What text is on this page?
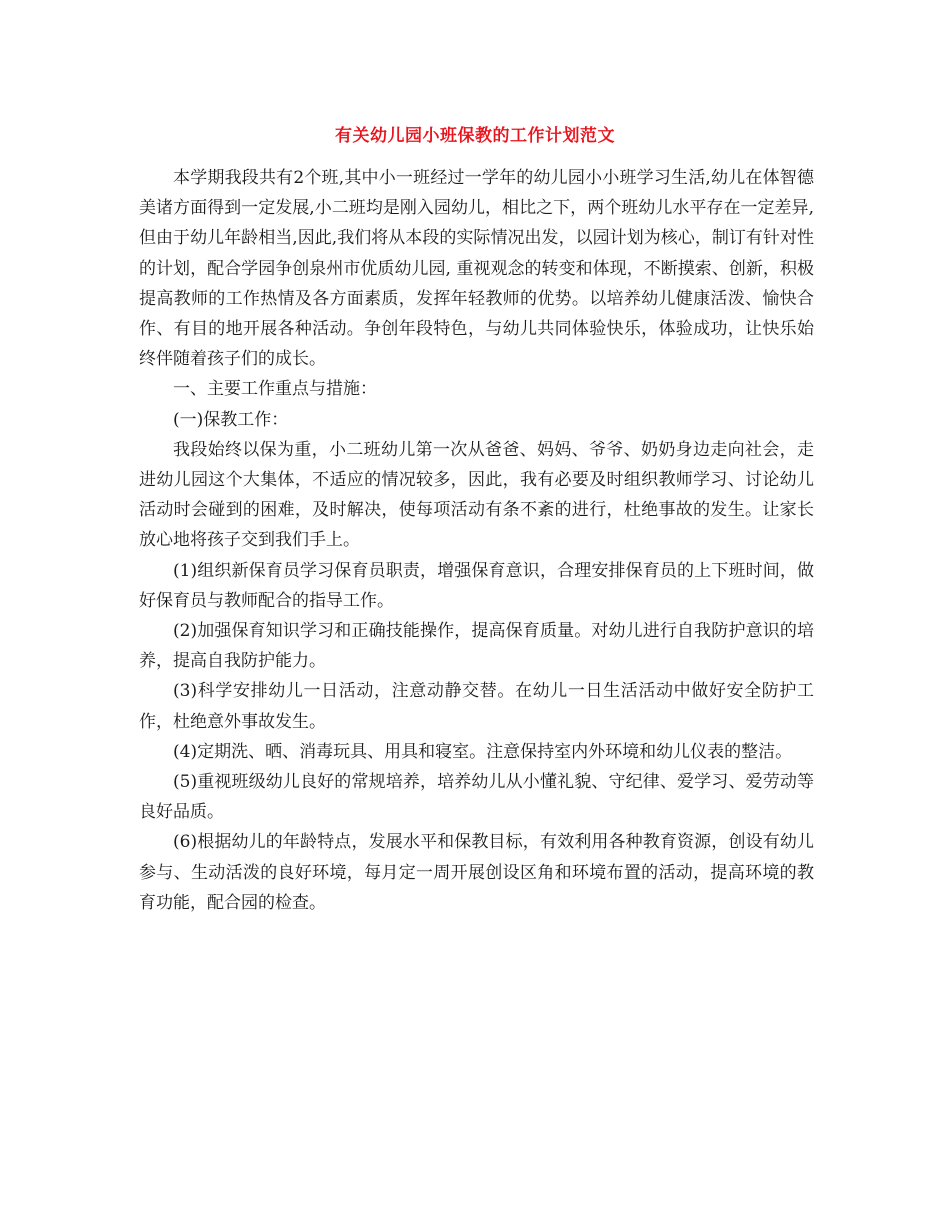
有关幼儿园小班保教的工作计划范文

本学期我段共有2个班,其中小一班经过一学年的幼儿园小小班学习生活,幼儿在体智德美诸方面得到一定发展,小二班均是刚入园幼儿，相比之下，两个班幼儿水平存在一定差异,但由于幼儿年龄相当,因此,我们将从本段的实际情况出发，以园计划为核心，制订有针对性的计划，配合学园争创泉州市优质幼儿园, 重视观念的转变和体现，不断摸索、创新，积极提高教师的工作热情及各方面素质，发挥年轻教师的优势。以培养幼儿健康活泼、愉快合作、有目的地开展各种活动。争创年段特色，与幼儿共同体验快乐，体验成功，让快乐始终伴随着孩子们的成长。

一、主要工作重点与措施：

(一)保教工作：

我段始终以保为重，小二班幼儿第一次从爸爸、妈妈、爷爷、奶奶身边走向社会，走进幼儿园这个大集体，不适应的情况较多，因此，我有必要及时组织教师学习、讨论幼儿活动时会碰到的困难，及时解决，使每项活动有条不紊的进行，杜绝事故的发生。让家长放心地将孩子交到我们手上。

(1)组织新保育员学习保育员职责，增强保育意识，合理安排保育员的上下班时间，做好保育员与教师配合的指导工作。

(2)加强保育知识学习和正确技能操作，提高保育质量。对幼儿进行自我防护意识的培养，提高自我防护能力。

(3)科学安排幼儿一日活动，注意动静交替。在幼儿一日生活活动中做好安全防护工作，杜绝意外事故发生。

(4)定期洗、晒、消毒玩具、用具和寝室。注意保持室内外环境和幼儿仪表的整洁。

(5)重视班级幼儿良好的常规培养，培养幼儿从小懂礼貌、守纪律、爱学习、爱劳动等良好品质。

(6)根据幼儿的年龄特点，发展水平和保教目标，有效利用各种教育资源，创设有幼儿参与、生动活泼的良好环境，每月定一周开展创设区角和环境布置的活动，提高环境的教育功能，配合园的检查。
